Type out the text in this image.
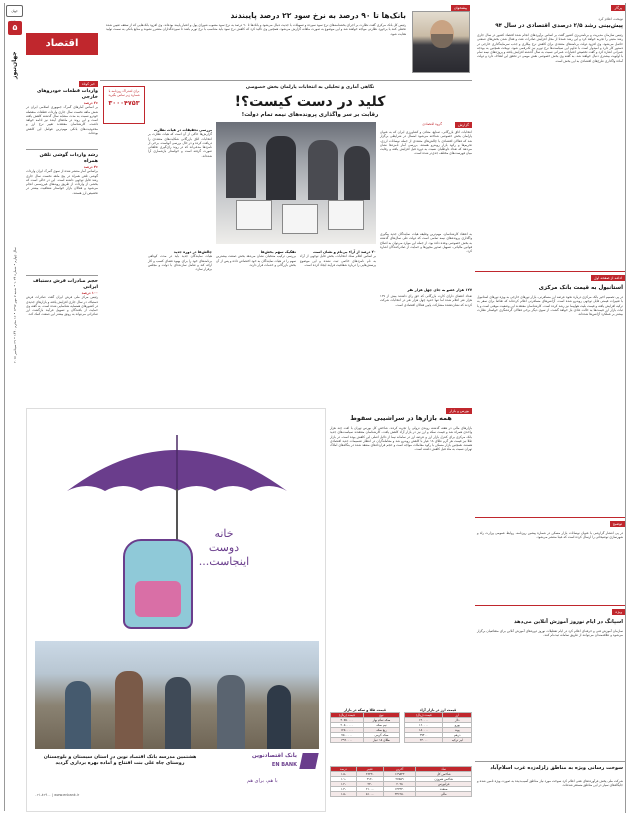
جهان
۵
جهان‌نیوز
سال چهارم • شماره ۱۰۳۴ • شنبه ۷ مهر ۱۳۹۷ • ۱۶ محرم ۱۴۴۰ • ۲۹ سپتامبر ۲۰۱۸
اقتصاد
خبر کوتاه
واردات قطعات خودروهای خارجی
۲۶ درصد
بر اساس آمارهای گمرک جمهوری اسلامی ایران در شش ماهه نخست سال جاری واردات قطعات منفصله خودرو نسبت به مدت مشابه سال گذشته کاهش یافته است و این روند در ماه‌های آینده نیز ادامه خواهد داشت. کارشناسان معتقدند تغییر نرخ ارز و محدودیت‌های بانکی مهم‌ترین عوامل این کاهش بوده‌اند.
رشد واردات گوشی تلفن همراه
۴۶ درصد
براساس آمار منتشر شده از سوی گمرک ایران واردات گوشی تلفن همراه در پنج ماهه نخست سال جاری رشد قابل توجهی داشته است. این در حالی است که بخشی از واردات از طریق رویه‌های غیررسمی انجام می‌شود و فعالان بازار خواستار شفافیت بیشتر در تخصیص ارز هستند.
حجم صادرات فرش دستباف ایرانی
۱۰۰ درصد
رئیس مرکز ملی فرش ایران گفت صادرات فرش دستباف در سال جاری افزایش یافته و بازارهای جدیدی در کشورهای همسایه شناسایی شده است. به گفته وی حمایت از بافندگان و تسهیل فرآیند بازگشت ارز صادراتی می‌تواند به رونق بیشتر این صنعت کمک کند.
پیشخوان
بانک‌ها تا ۹۰ درصد به نرخ سود ۲۲ درصد پایبندند
رئیس کل بانک مرکزی گفت نظارت بر اجرای بخشنامه‌های نرخ سود سپرده و تسهیلات با جدیت دنبال می‌شود و بانک‌ها تا ۹۰ درصد به نرخ سود مصوب شورای پول و اعتبار پایبند بوده‌اند. وی افزود بانک‌هایی که از سقف تعیین شده تخطی کنند با برخورد نظارتی مواجه خواهند شد و این موضوع به صورت ماهانه گزارش می‌شود. همچنین وی تاکید کرد که کاهش نرخ سود باید متناسب با نرخ تورم باشد تا سپرده‌گذاران متضرر نشوند و منابع بانکی به سمت تولید هدایت شود.
برای اشتراک روزنامه با شماره زیر تماس بگیرید
۳۰۰۰۴۷۵۳
نگاهی آماری و تحلیلی به انتخابات پارلمان بخش خصوصی
کلید در دست کیست؟!
رقابت بر سر واگذاری پرونده‌های نیمه تمام دولت!
گزارش
گروه اقتصادی
انتخابات اتاق بازرگانی، صنایع، معادن و کشاورزی ایران که به عنوان پارلمان بخش خصوصی شناخته می‌شود امسال در شرایطی برگزار شد که فعالان اقتصادی با چالش‌های متعددی از جمله نوسانات ارزی، تحریم‌ها و رکود بازار روبه‌رو هستند. بررسی آمار نامزدها نشان می‌دهد که تعداد داوطلبان نسبت به دوره قبل افزایش یافته و رقابت میان فهرست‌های مختلف جدی‌تر شده است.
به اعتقاد کارشناسان، مهم‌ترین وظیفه هیات نمایندگان جدید پیگیری واگذاری پرونده‌های نیمه تمامی است که دولت طی سال‌های گذشته به بخش خصوصی وعده داده بود. از جمله این موارد می‌توان به اصلاح قوانین مالیاتی، تسهیل صدور مجوزها و حمایت از صادرکنندگان اشاره کرد.
۱۲۷ هزار عضو به جای چهل هزار نفر
تعداد اعضای دارای کارت بازرگانی که حق رای داشتند بیش از ۱۲۷ هزار نفر اعلام شده اما تنها حدود چهل هزار نفر در انتخابات شرکت کردند که نشان‌دهنده مشارکت پایین فعالان اقتصادی است.
بررسی تحقیقات در هیات نظارت
گزارش‌ها حاکی از آن است که هیات نظارت بر انتخابات اتاق بازرگانی شکایت‌های متعددی را دریافت کرده و در حال بررسی آنهاست. برخی از نامزدها مدعی‌اند که در روند رای‌گیری تخلفاتی صورت گرفته است و خواستار بازشماری آرا شده‌اند.
چالش‌ها در دوره جدید
هیات نمایندگان جدید باید در مدت کوتاهی برنامه‌های خود را برای بهبود فضای کسب و کار ارائه کند و تعامل سازنده‌ای با دولت و مجلس برقرار سازد.
تفکیک سهم بخش‌ها
بررسی ترکیب منتخبان نشان می‌دهد بخش صنعت بیشترین سهم را در هیات نمایندگان به خود اختصاص داده و پس از آن بخش بازرگانی و خدمات قرار دارند.
۲۰ درصد از آراء بی‌نام و نشان است
بر اساس اعلام ستاد انتخابات، بخش قابل توجهی از آراء به نام نامزدهای خاصی ثبت نشده و این موضوع پرسش‌هایی را درباره شفافیت فرآیند ایجاد کرده است.
خانه
دوست
اینجاست...
هشتمین مدرسه بانک اقتصاد نوین در استان سیستان و بلوچستان روستای چاه علی بنت افتتاح و آماده بهره برداری گردید
بانک اقتصادنوین
EN BANK
با هم، برای هم
۰۲۱-۸۲۹۰۰ | www.enbank.ir
بورس و بازار
همه بازارها در سراشیبی سقوط
بازارهای مالی در هفته گذشته روندی نزولی را تجربه کردند. شاخص کل بورس تهران با افت چند هزار واحدی همراه شد و قیمت سکه و ارز نیز در بازار آزاد کاهش یافت. کارشناسان معتقدند سیاست‌های جدید بانک مرکزی برای کنترل بازار ارز و عرضه ارز در سامانه نیما از دلایل اصلی این کاهش بوده است. در بازار طلا نیز قیمت هر گرم طلای ۱۸ عیار با کاهش روبه‌رو شد و معامله‌گران در انتظار تصمیمات جدید اقتصادی هستند. همچنین بازار مسکن با رکود معاملات مواجه است و حجم قراردادهای منعقد شده در بنگاه‌های املاک تهران نسبت به ماه قبل کاهش داشته است.
قیمت ارز در بازار آزاد
ارز	قیمت (ریال)
دلار	۱۴۰۰۰۰
یورو	۱۶۰۰۰۰
پوند	۱۸۰۰۰۰
درهم	۳۷۴۰۰
لیر ترکیه	۲۳۰۰۰
قیمت طلا و سکه در بازار
نوع	قیمت (ریال)
سکه تمام بهار	۴۰۷۵۰۰۰۰
نیم سکه	۲۰۵۰۰۰۰۰
ربع سکه	۱۲۵۰۰۰۰۰
سکه گرمی	۷۵۰۰۰۰۰
طلای ۱۸ عیار	۳۹۹۰۰۰۰
نماد	آخرین	تغییر	درصد
شاخص کل	۱۶۹۸۴۳	-۲۶۴۳	-۱.۵
شاخص هم‌وزن	۲۷۵۵۹	-۳۱۲	-۱.۱
فرابورس	۲۰۹۸	-۲۴	-۱.۲
صنعت	۱۴۲۳۳۰	-۲۱۰۰	-۱.۴
مالی	۳۴۱۲۵۰	-۵۱۰۰	-۱.۵
پرگار
نوبخت اعلام کرد
پیش‌بینی رشد ۲/۵ درصدی اقتصادی در سال ۹۴
رئیس سازمان مدیریت و برنامه‌ریزی کشور گفت بر اساس برآوردهای انجام شده اقتصاد کشور در سال جاری رشد مثبتی را تجربه خواهد کرد و این رشد عمدتا از محل افزایش صادرات نفت و فعال شدن بخش‌های صنعتی حاصل می‌شود. وی افزود دولت برنامه‌های متعددی برای کاهش نرخ بیکاری و جذب سرمایه‌گذاری خارجی در دستور کار دارد و امیدوار است با تداوم این سیاست‌ها نرخ تورم نیز تک‌رقمی شود. نوبخت همچنین به بودجه عمرانی اشاره کرد و گفت تخصیص اعتبارات عمرانی نسبت به سال گذشته افزایش یافته و پروژه‌های نیمه تمام با اولویت بیشتری دنبال خواهند شد. به گفته وی بخش خصوصی نقش مهمی در تحقق این اهداف دارد و دولت آماده واگذاری طرح‌های اقتصادی به این بخش است.
ادامه از صفحه اول
استانبول به قیمت بانک مرکزی
در پی تصمیم اخیر بانک مرکزی درباره نحوه عرضه ارز مسافرتی، بازار تورهای خارجی به ویژه تورهای استانبول با تغییرات قیمتی قابل توجهی روبه‌رو شده است. آژانس‌های مسافرتی اعلام کرده‌اند که تقاضا برای سفر به ترکیه افزایش یافته و قیمت بلیت هواپیما نیز رشد کرده است. کارشناسان معتقدند این وضعیت موقتی است و با ثبات بازار ارز قیمت‌ها به حالت عادی باز خواهد گشت. از سوی دیگر برخی فعالان گردشگری خواستار نظارت بیشتر بر عملکرد آژانس‌ها شده‌اند.
توضیح
در پی انتشار گزارشی با عنوان نوسانات بازار مسکن در شماره پیشین روزنامه، روابط عمومی وزارت راه و شهرسازی توضیحاتی را ارسال کرده است که عینا منتشر می‌شود.
ویژه
اسپانگ در ایام نوروز آموزش آنلاین می‌دهد
سازمان آموزش فنی و حرفه‌ای اعلام کرد در ایام تعطیلات نوروز دوره‌های آموزش آنلاین برای متقاضیان برگزار می‌شود و علاقه‌مندان می‌توانند از طریق سامانه ثبت‌نام کنند.
سوخت رسانی ویژه به مناطق زلزله‌زده غرب اسلام‌آباد
شرکت ملی پخش فرآورده‌های نفتی اعلام کرد سوخت مورد نیاز مناطق آسیب‌دیده به صورت ویژه تامین شده و جایگاه‌های سیار در این مناطق مستقر شده‌اند.
